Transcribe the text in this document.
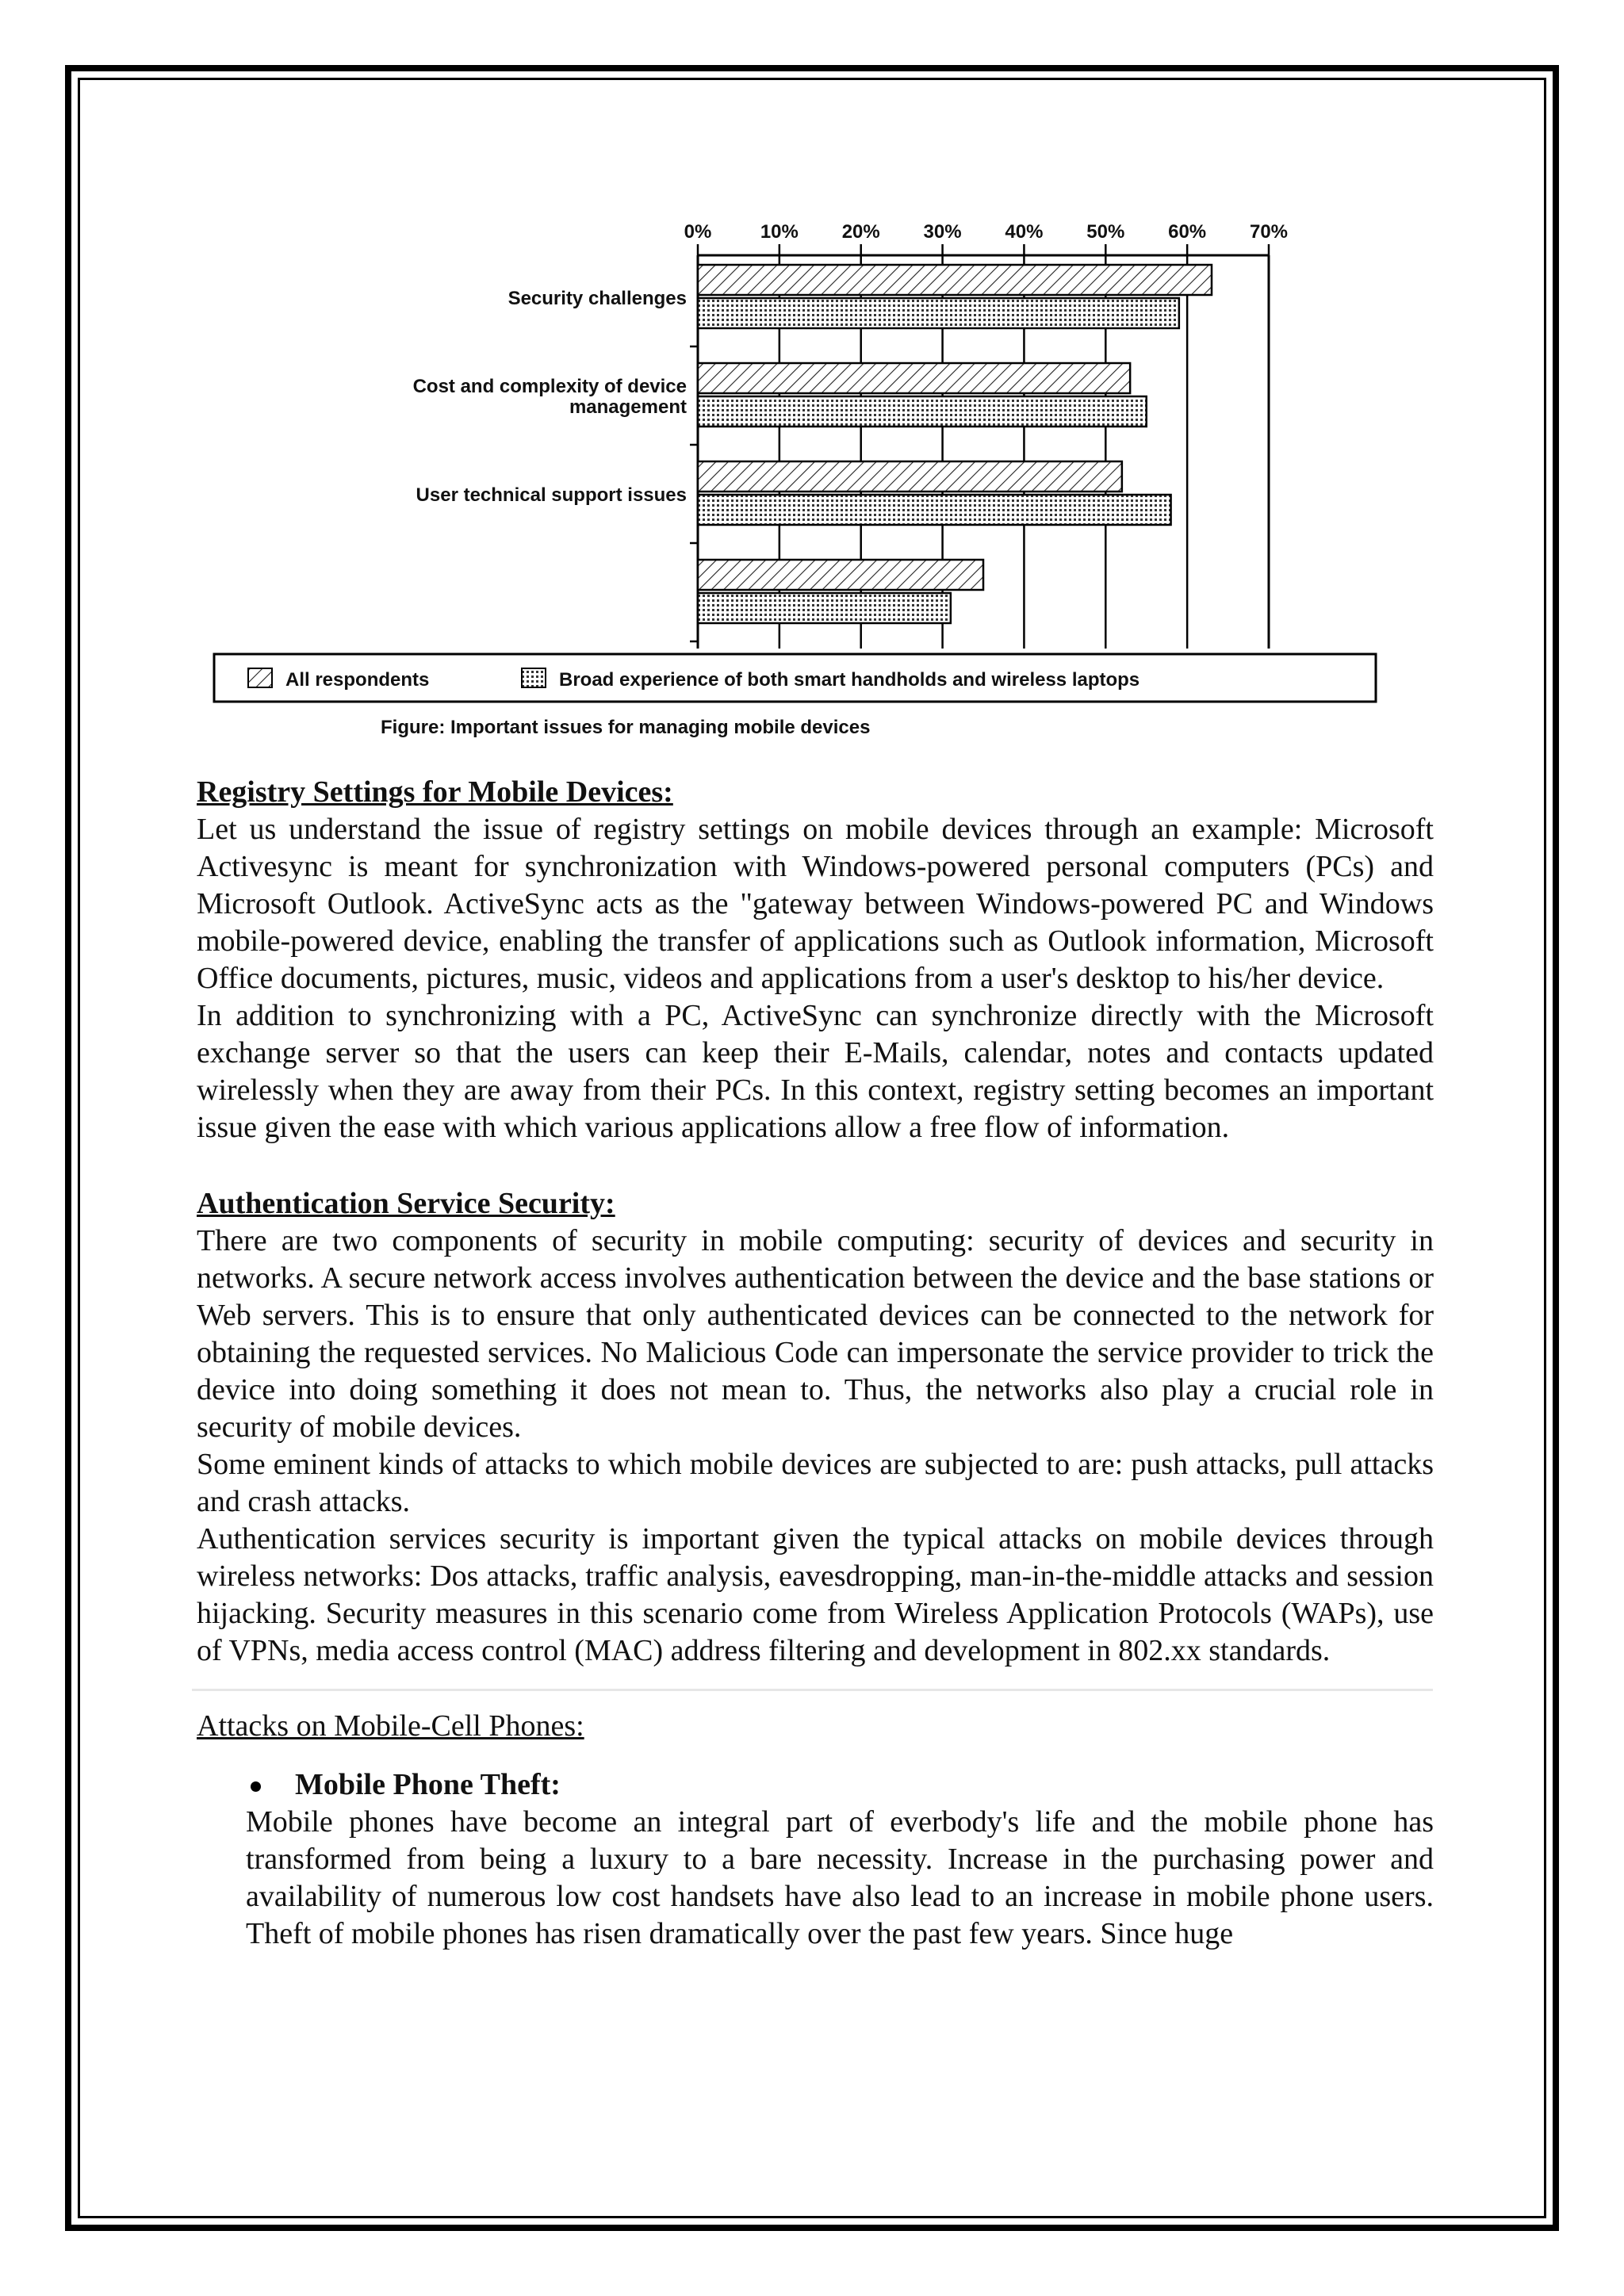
0%	10% 20% 30% 40% 50% 60% 70%
Security challenges
Cost and complexity of device
management
User technical support issues
All respondents	Broad experience of both smart handholds and wireless laptops
Figure: Important issues for managing mobile devices
Registry Settings for Mobile Devices:

Let us understand the issue of registry settings on mobile devices through an example: Microsoft Activesync is meant for synchronization with Windows-powered personal computers (PCs) and Microsoft Outlook. ActiveSync acts as the "gateway between Windows-powered PC and Windows mobile-powered device, enabling the transfer of applications such as Outlook information, Microsoft Office documents, pictures, music, videos and applications from a user's desktop to his/her device.

In addition to synchronizing with a PC, ActiveSync can synchronize directly with the Microsoft exchange server so that the users can keep their E-Mails, calendar, notes and contacts updated wirelessly when they are away from their PCs. In this context, registry setting becomes an important issue given the ease with which various applications allow a free flow of information.

Authentication Service Security:

There are two components of security in mobile computing: security of devices and security in networks. A secure network access involves authentication between the device and the base stations or Web servers. This is to ensure that only authenticated devices can be connected to the network for obtaining the requested services. No Malicious Code can impersonate the service provider to trick the device into doing something it does not mean to. Thus, the networks also play a crucial role in security of mobile devices.

Some eminent kinds of attacks to which mobile devices are subjected to are: push attacks, pull attacks and crash attacks.

Authentication services security is important given the typical attacks on mobile devices through wireless networks: Dos attacks, traffic analysis, eavesdropping, man-in-the-middle attacks and session hijacking. Security measures in this scenario come from Wireless Application Protocols (WAPs), use of VPNs, media access control (MAC) address filtering and development in 802.xx standards.

Attacks on Mobile-Cell Phones:

Mobile Phone Theft:

Mobile phones have become an integral part of everbody's life and the mobile phone has transformed from being a luxury to a bare necessity. Increase in the purchasing power and availability of numerous low cost handsets have also lead to an increase in mobile phone users. Theft of mobile phones has risen dramatically over the past few years. Since huge
